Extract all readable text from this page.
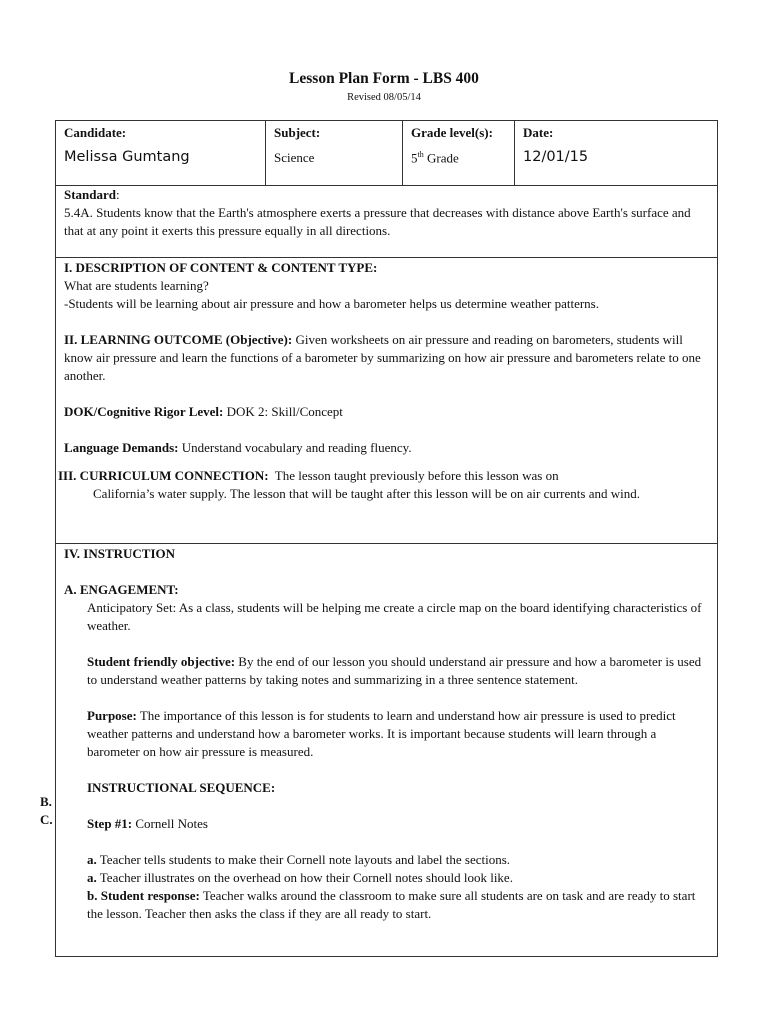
Lesson Plan Form - LBS 400
Revised 08/05/14
Candidate:
Melissa Gumtang
Subject:
Science
Grade level(s):
5th Grade
Date:
12/01/15

Standard:

5.4A. Students know that the Earth's atmosphere exerts a pressure that decreases with distance above Earth's surface and that at any point it exerts this pressure equally in all directions.

I. DESCRIPTION OF CONTENT & CONTENT TYPE:

What are students learning?

-Students will be learning about air pressure and how a barometer helps us determine weather patterns.

II. LEARNING OUTCOME (Objective): Given worksheets on air pressure and reading on barometers, students will know air pressure and learn the functions of a barometer by summarizing on how air pressure and barometers relate to one another.

DOK/Cognitive Rigor Level: DOK 2: Skill/Concept

Language Demands: Understand vocabulary and reading fluency.

III. CURRICULUM CONNECTION:  The lesson taught previously before this lesson was on

California’s water supply. The lesson that will be taught after this lesson will be on air currents and wind.

IV. INSTRUCTION

A. ENGAGEMENT:

Anticipatory Set: As a class, students will be helping me create a circle map on the board identifying characteristics of weather.

Student friendly objective: By the end of our lesson you should understand air pressure and how a barometer is used to understand weather patterns by taking notes and summarizing in a three sentence statement.

Purpose: The importance of this lesson is for students to learn and understand how air pressure is used to predict weather patterns and understand how a barometer works. It is important because students will learn through a barometer on how air pressure is measured.

INSTRUCTIONAL SEQUENCE:

Step #1: Cornell Notes

a. Teacher tells students to make their Cornell note layouts and label the sections.

a. Teacher illustrates on the overhead on how their Cornell notes should look like.

b. Student response: Teacher walks around the classroom to make sure all students are on task and are ready to start the lesson. Teacher then asks the class if they are all ready to start.

B.
C.
